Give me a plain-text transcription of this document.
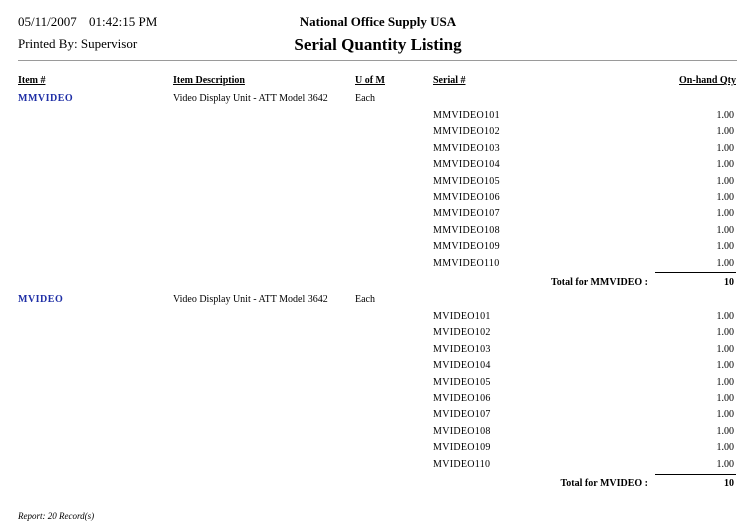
05/11/2007 01:42:15 PM
Printed By: Supervisor
National Office Supply USA
Serial Quantity Listing
Item #	Item Description	U of M	Serial #	On-hand Qty
MMVIDEO	Video Display Unit - ATT Model 3642	Each
MMVIDEO101	1.00
MMVIDEO102	1.00
MMVIDEO103	1.00
MMVIDEO104	1.00
MMVIDEO105	1.00
MMVIDEO106	1.00
MMVIDEO107	1.00
MMVIDEO108	1.00
MMVIDEO109	1.00
MMVIDEO110	1.00
Total for MMVIDEO :	10
MVIDEO	Video Display Unit - ATT Model 3642	Each
MVIDEO101	1.00
MVIDEO102	1.00
MVIDEO103	1.00
MVIDEO104	1.00
MVIDEO105	1.00
MVIDEO106	1.00
MVIDEO107	1.00
MVIDEO108	1.00
MVIDEO109	1.00
MVIDEO110	1.00
Total for MVIDEO :	10
Report: 20 Record(s)
